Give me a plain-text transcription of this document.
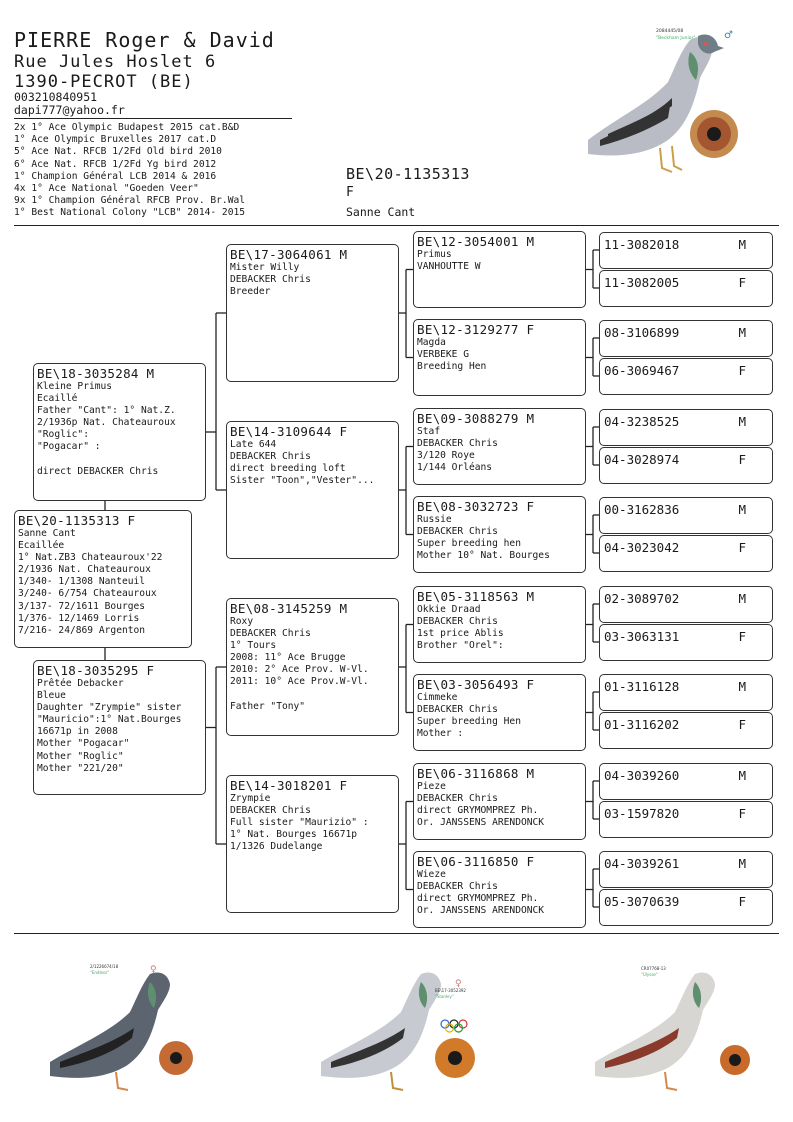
PIERRE Roger & David
Rue Jules Hoslet 6
1390-PECROT (BE)
003210840951
dapi777@yahoo.fr
2x 1° Ace Olympic Budapest 2015 cat.B&D
1° Ace Olympic Bruxelles 2017 cat.D
5° Ace Nat. RFCB 1/2Fd Old bird 2010
6° Ace Nat. RFCB 1/2Fd Yg bird 2012
1° Champion Général LCB 2014 & 2016
4x 1° Ace National "Goeden Veer"
9x 1° Champion Général RFCB Prov. Br.Wal
1° Best National Colony "LCB" 2014- 2015
BE\20-1135313
F
Sanne Cant
2084445/08
"Beckham Junior"	♂
BE\20-1135313 F
Sanne Cant
Ecaillée
1° Nat.ZB3 Chateauroux'22
2/1936 Nat. Chateauroux
1/340- 1/1308 Nanteuil
3/240- 6/754 Chateauroux
3/137- 72/1611 Bourges
1/376- 12/1469 Lorris
7/216- 24/869 Argenton
BE\18-3035284 M
Kleine Primus
Ecaillé
Father "Cant": 1° Nat.Z.
2/1936p Nat. Chateauroux
"Roglic":
"Pogacar" :

direct DEBACKER Chris
BE\18-3035295 F
Prêtée Debacker
Bleue
Daughter "Zrympie" sister
"Mauricio":1° Nat.Bourges
16671p in 2008
Mother "Pogacar"
Mother "Roglic"
Mother "221/20"
BE\17-3064061 M
Mister Willy
DEBACKER Chris
Breeder
BE\14-3109644 F
Late 644
DEBACKER Chris
direct breeding loft
Sister "Toon","Vester"...
BE\08-3145259 M
Roxy
DEBACKER Chris
1° Tours
2008: 11° Ace Brugge
2010: 2° Ace Prov. W-Vl.
2011: 10° Ace Prov.W-Vl.

Father "Tony"
BE\14-3018201 F
Zrympie
DEBACKER Chris
Full sister "Maurizio" :
1° Nat. Bourges 16671p
1/1326 Dudelange
BE\12-3054001 M
Primus
VANHOUTTE W
BE\12-3129277 F
Magda
VERBEKE G
Breeding Hen
BE\09-3088279 M
Staf
DEBACKER Chris
3/120 Roye
1/144 Orléans
BE\08-3032723 F
Russie
DEBACKER Chris
Super breeding hen
Mother 10° Nat. Bourges
BE\05-3118563 M
Okkie Draad
DEBACKER Chris
1st price Ablis
Brother "Orel":
BE\03-3056493 F
Cimmeke
DEBACKER Chris
Super breeding Hen
Mother :
BE\06-3116868 M
Pieze
DEBACKER Chris
direct GRYMOMPREZ Ph.
Or. JANSSENS ARENDONCK
BE\06-3116850 F
Wieze
DEBACKER Chris
direct GRYMOMPREZ Ph.
Or. JANSSENS ARENDONCK
11-3082018	M
11-3082005	F
08-3106899	M
06-3069467	F
04-3238525	M
04-3028974	F
00-3162836	M
04-3023042	F
02-3089702	M
03-3063131	F
01-3116128	M
01-3116202	F
04-3039260	M
03-1597820	F
04-3039261	M
05-3070639	F
2/1226674/18
"Endless"	♀
BE\17-3052392
"Stanley"
♀
CR07768-13
"Ulysse"
